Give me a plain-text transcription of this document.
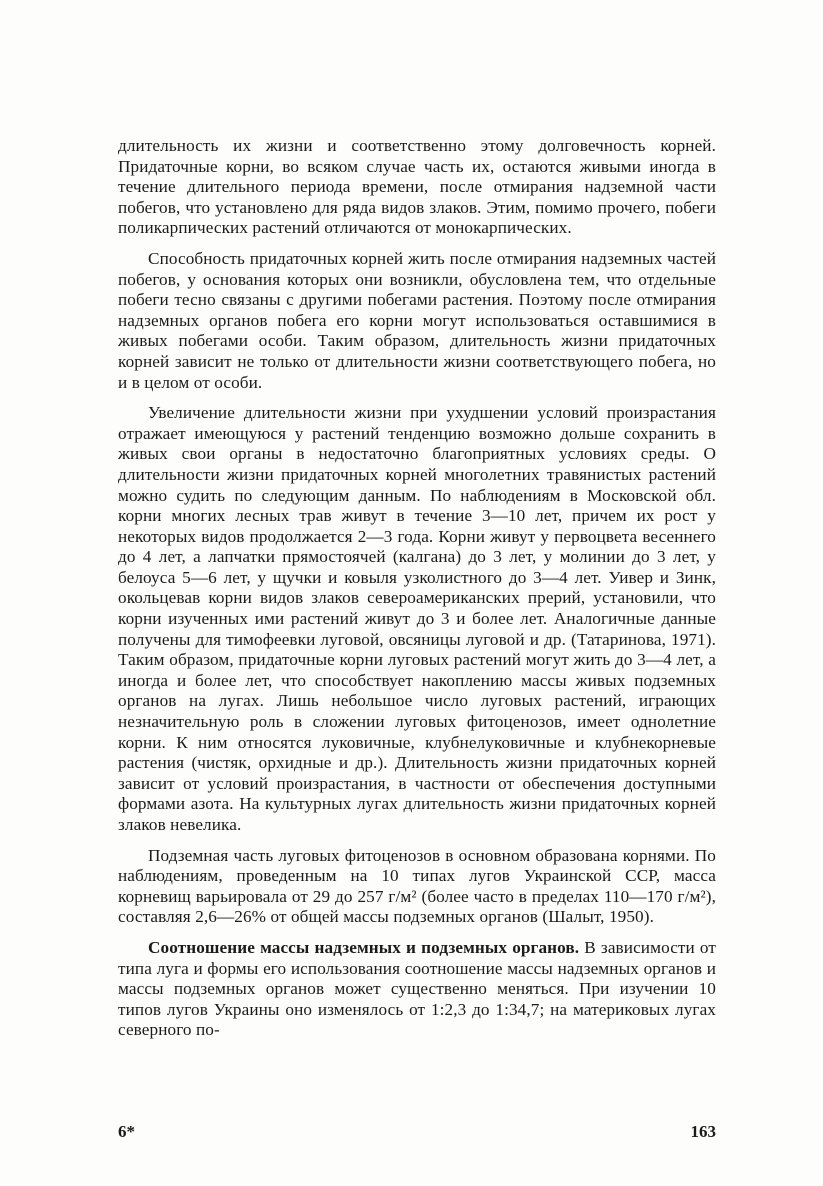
длительность их жизни и соответственно этому долговечность корней. Придаточные корни, во всяком случае часть их, остаются живыми иногда в течение длительного периода времени, после отмирания надземной части побегов, что установлено для ряда видов злаков. Этим, помимо прочего, побеги поликарпических растений отличаются от монокарпических.

Способность придаточных корней жить после отмирания надземных частей побегов, у основания которых они возникли, обусловлена тем, что отдельные побеги тесно связаны с другими побегами растения. Поэтому после отмирания надземных органов побега его корни могут использоваться оставшимися в живых побегами особи. Таким образом, длительность жизни придаточных корней зависит не только от длительности жизни соответствующего побега, но и в целом от особи.

Увеличение длительности жизни при ухудшении условий произрастания отражает имеющуюся у растений тенденцию возможно дольше сохранить в живых свои органы в недостаточно благоприятных условиях среды. О длительности жизни придаточных корней многолетних травянистых растений можно судить по следующим данным. По наблюдениям в Московской обл. корни многих лесных трав живут в течение 3—10 лет, причем их рост у некоторых видов продолжается 2—3 года. Корни живут у первоцвета весеннего до 4 лет, а лапчатки прямостоячей (калгана) до 3 лет, у молинии до 3 лет, у белоуса 5—6 лет, у щучки и ковыля узколистного до 3—4 лет. Уивер и Зинк, окольцевав корни видов злаков североамериканских прерий, установили, что корни изученных ими растений живут до 3 и более лет. Аналогичные данные получены для тимофеевки луговой, овсяницы луговой и др. (Татаринова, 1971). Таким образом, придаточные корни луговых растений могут жить до 3—4 лет, а иногда и более лет, что способствует накоплению массы живых подземных органов на лугах. Лишь небольшое число луговых растений, играющих незначительную роль в сложении луговых фитоценозов, имеет однолетние корни. К ним относятся луковичные, клубнелуковичные и клубнекорневые растения (чистяк, орхидные и др.). Длительность жизни придаточных корней зависит от условий произрастания, в частности от обеспечения доступными формами азота. На культурных лугах длительность жизни придаточных корней злаков невелика.

Подземная часть луговых фитоценозов в основном образована корнями. По наблюдениям, проведенным на 10 типах лугов Украинской ССР, масса корневищ варьировала от 29 до 257 г/м² (более часто в пределах 110—170 г/м²), составляя 2,6—26% от общей массы подземных органов (Шалыт, 1950).

Соотношение массы надземных и подземных органов. В зависимости от типа луга и формы его использования соотношение массы надземных органов и массы подземных органов может существенно меняться. При изучении 10 типов лугов Украины оно изменялось от 1:2,3 до 1:34,7; на материковых лугах северного по-

6*	163
